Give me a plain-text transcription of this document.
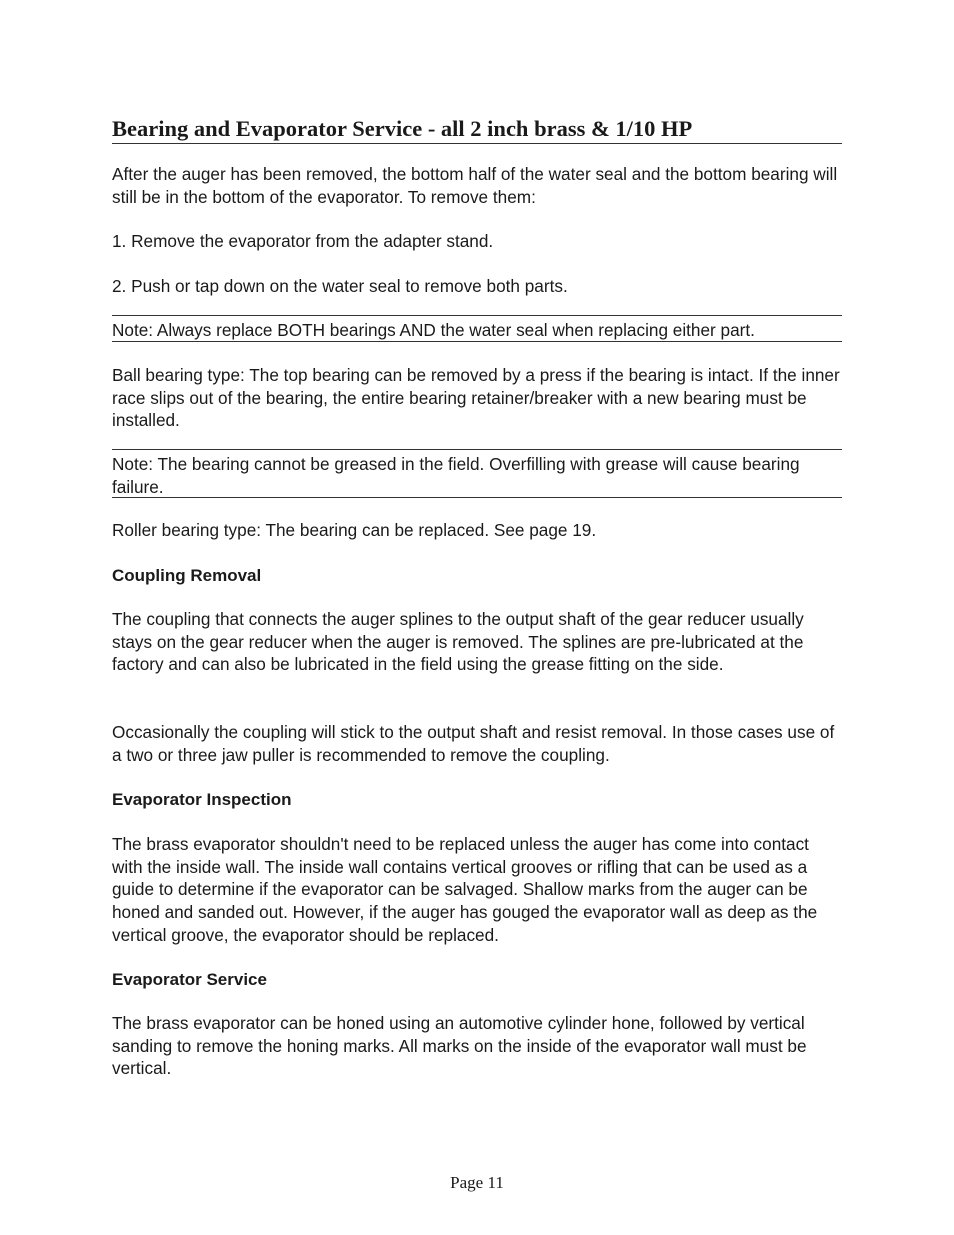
Bearing and Evaporator Service - all 2 inch brass & 1/10 HP

After the auger has been removed, the bottom half of the water seal and the bottom bearing will still be in the bottom of the evaporator. To remove them:

1. Remove the evaporator from the adapter stand.

2. Push or tap down on the water seal to remove both parts.

Note: Always replace BOTH bearings AND the water seal when replacing either part.

Ball bearing type: The top bearing can be removed by a press if the bearing is intact. If the inner race slips out of the bearing, the entire bearing retainer/breaker with a new bearing must be installed.

Note: The bearing cannot be greased in the field. Overfilling with grease will cause bearing failure.

Roller bearing type: The bearing can be replaced. See page 19.

Coupling Removal

The coupling that connects the auger splines to the output shaft of the gear reducer usually stays on the gear reducer when the auger is removed. The splines are pre-lubricated at the factory and can also be lubricated in the field using the grease fitting on the side.

Occasionally the coupling will stick to the output shaft and resist removal. In those cases use of a two or three jaw puller is recommended to remove the coupling.

Evaporator Inspection

The brass evaporator shouldn't need to be replaced unless the auger has come into contact with the inside wall. The inside wall contains vertical grooves or rifling that can be used as a guide to determine if the evaporator can be salvaged. Shallow marks from the auger can be honed and sanded out. However, if the auger has gouged the evaporator wall as deep as the vertical groove, the evaporator should be replaced.

Evaporator Service

The brass evaporator can be honed using an automotive cylinder hone, followed by vertical sanding to remove the honing marks. All marks on the inside of the evaporator wall must be vertical.

Page 11
